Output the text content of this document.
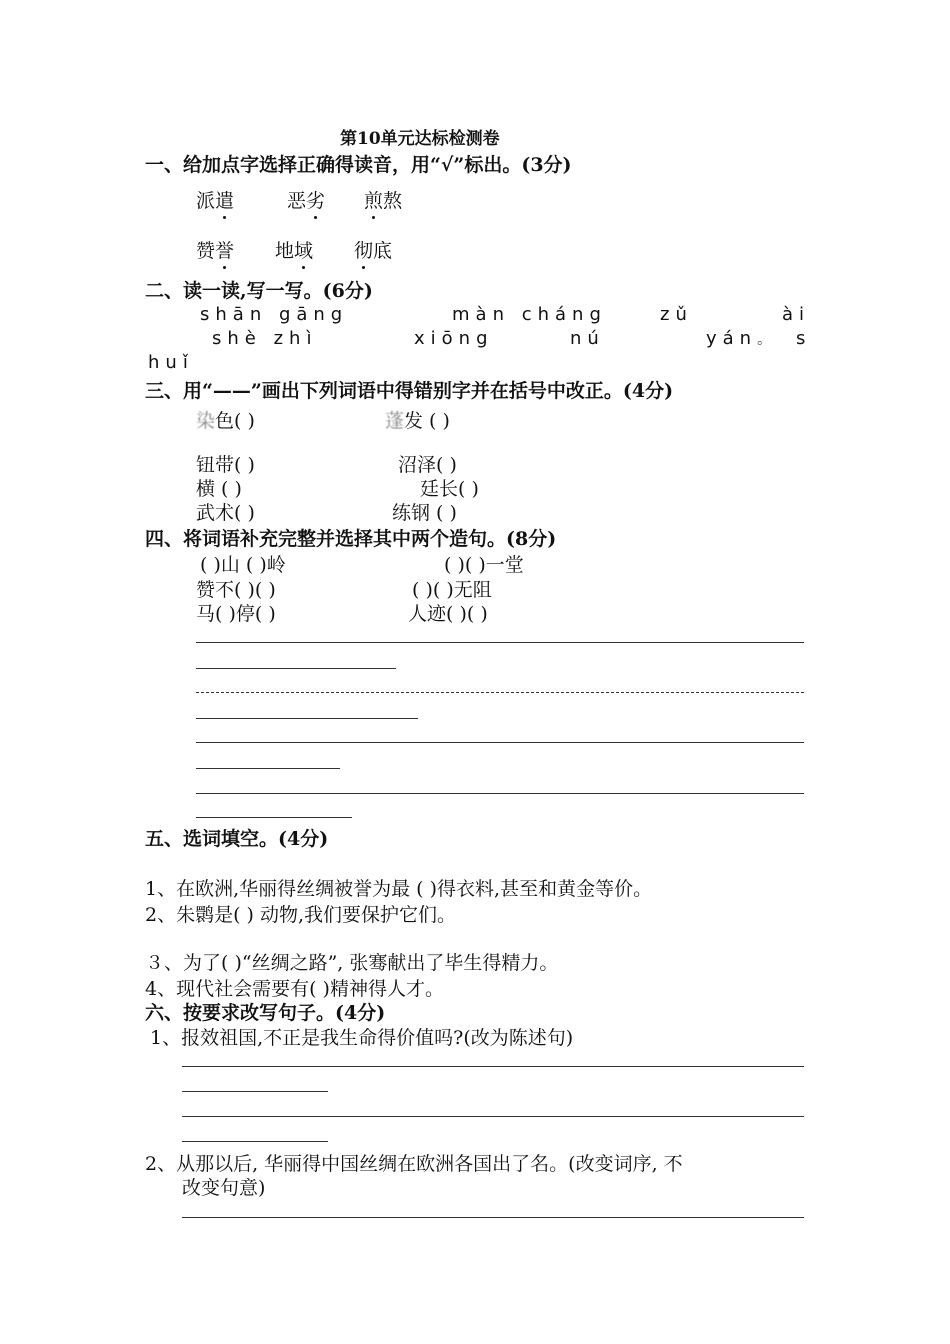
第10单元达标检测卷
一、给加点字选择正确得读音，用“√”标出。(3分)
派遣	恶劣 煎熬
赞誉 地域 彻底
二、读一读,写一写。(6分)
shān gāng	màn cháng	zǔ	ài
shè zhì	xiōng	nú	yán。 s
huǐ
三、用“——”画出下列词语中得错别字并在括号中改正。(4分)
染色( )	蓬发 ( )
钮带( )	沼泽( )
横 ( )	廷长( )
武术( )	练钢 ( )
四、将词语补充完整并选择其中两个造句。(8分)
( )山 ( )岭	( )( )一堂
赞不( )( )	( )( )无阻
马( )停( )	人迹( )( )
五、选词填空。(4分)
1、在欧洲,华丽得丝绸被誉为最 ( )得衣料,甚至和黄金等价。
2、朱鹮是( ) 动物,我们要保护它们。
３、为了( )“丝绸之路”, 张骞献出了毕生得精力。
4、现代社会需要有( )精神得人才。
六、按要求改写句子。(4分)
1、报效祖国,不正是我生命得价值吗?(改为陈述句)
2、从那以后, 华丽得中国丝绸在欧洲各国出了名。(改变词序, 不
改变句意)
